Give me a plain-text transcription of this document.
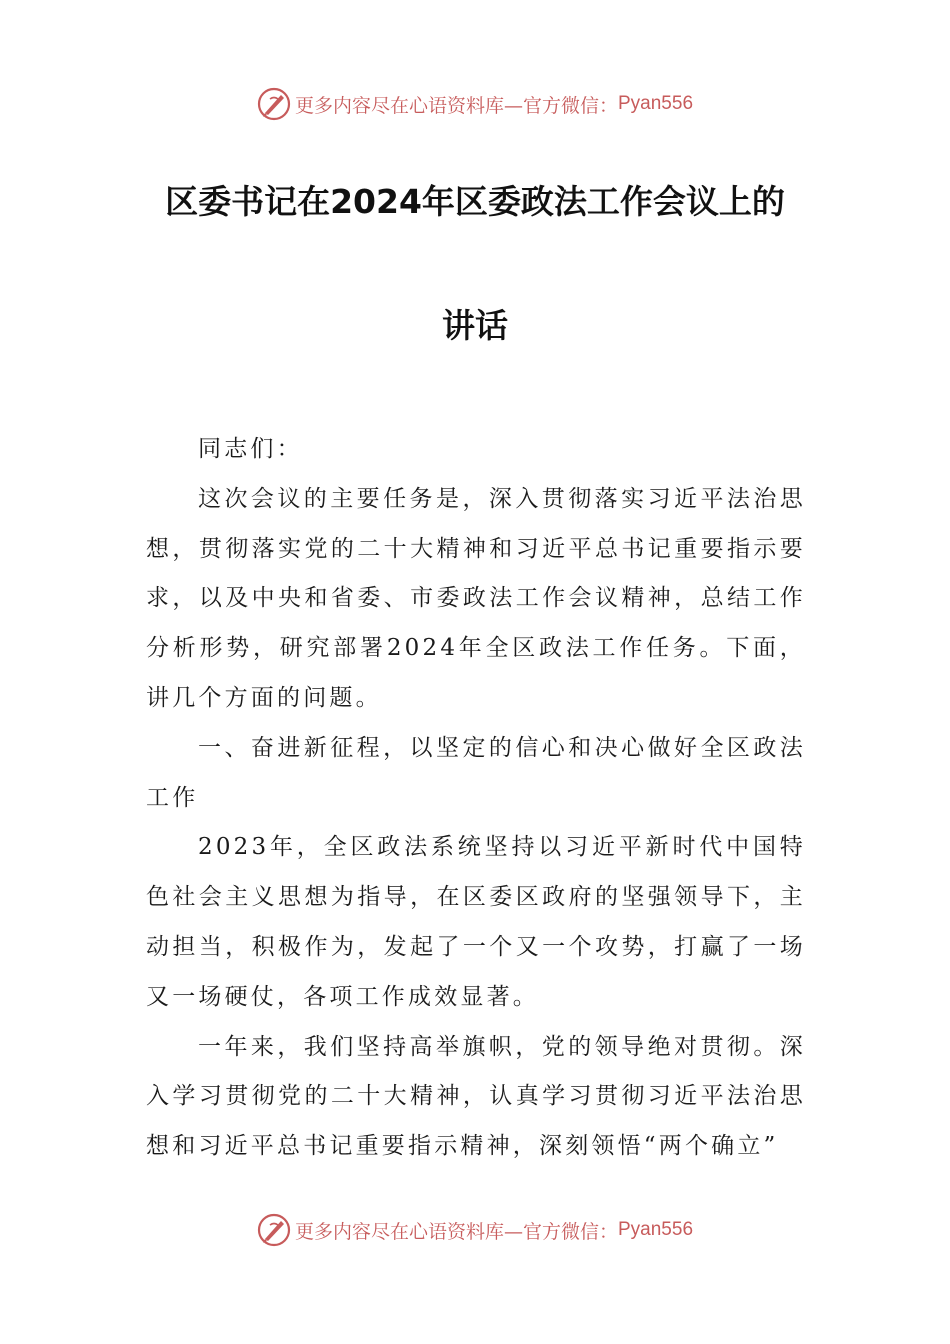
更多内容尽在心语资料库—官方微信： Pyan556
区委书记在2024年区委政法工作会议上的
讲话

同志们：

这次会议的主要任务是，深入贯彻落实习近平法治思想，贯彻落实党的二十大精神和习近平总书记重要指示要求，以及中央和省委、市委政法工作会议精神，总结工作分析形势，研究部署2024年全区政法工作任务。下面，讲几个方面的问题。

一、奋进新征程，以坚定的信心和决心做好全区政法工作

2023年，全区政法系统坚持以习近平新时代中国特色社会主义思想为指导，在区委区政府的坚强领导下，主动担当，积极作为，发起了一个又一个攻势，打赢了一场又一场硬仗，各项工作成效显著。

一年来，我们坚持高举旗帜，党的领导绝对贯彻。深入学习贯彻党的二十大精神，认真学习贯彻习近平法治思想和习近平总书记重要指示精神，深刻领悟“两个确立”

更多内容尽在心语资料库—官方微信： Pyan556
